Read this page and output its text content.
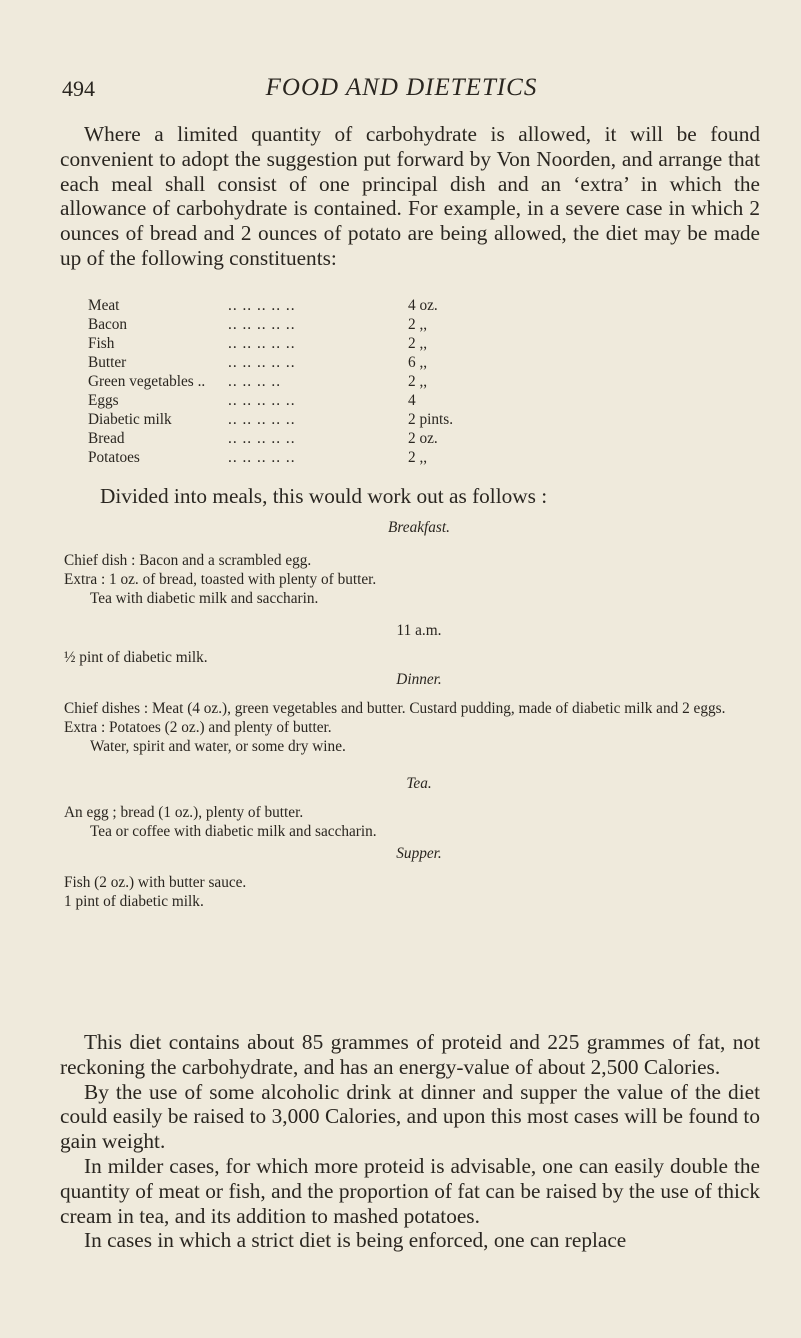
494	FOOD AND DIETETICS

Where a limited quantity of carbohydrate is allowed, it will be found convenient to adopt the suggestion put forward by Von Noorden, and arrange that each meal shall consist of one principal dish and an ‘extra’ in which the allowance of carbohydrate is contained. For example, in a severe case in which 2 ounces of bread and 2 ounces of potato are being allowed, the diet may be made up of the following constituents:

Meat	.. .. .. .. ..	4 oz.
Bacon	.. .. .. .. ..	2 ,,
Fish	.. .. .. .. ..	2 ,,
Butter	.. .. .. .. ..	6 ,,
Green vegetables ..	.. .. .. ..	2 ,,
Eggs	.. .. .. .. ..	4
Diabetic milk	.. .. .. .. ..	2 pints.
Bread	.. .. .. .. ..	2 oz.
Potatoes	.. .. .. .. ..	2 ,,
Divided into meals, this would work out as follows :

Breakfast.

Chief dish : Bacon and a scrambled egg.

Extra : 1 oz. of bread, toasted with plenty of butter.

Tea with diabetic milk and saccharin.

11 a.m.

½ pint of diabetic milk.

Dinner.

Chief dishes : Meat (4 oz.), green vegetables and butter. Custard pudding, made of diabetic milk and 2 eggs.

Extra : Potatoes (2 oz.) and plenty of butter.

Water, spirit and water, or some dry wine.

Tea.

An egg ; bread (1 oz.), plenty of butter.

Tea or coffee with diabetic milk and saccharin.

Supper.

Fish (2 oz.) with butter sauce.

1 pint of diabetic milk.

This diet contains about 85 grammes of proteid and 225 grammes of fat, not reckoning the carbohydrate, and has an energy-value of about 2,500 Calories.

By the use of some alcoholic drink at dinner and supper the value of the diet could easily be raised to 3,000 Calories, and upon this most cases will be found to gain weight.

In milder cases, for which more proteid is advisable, one can easily double the quantity of meat or fish, and the proportion of fat can be raised by the use of thick cream in tea, and its addition to mashed potatoes.

In cases in which a strict diet is being enforced, one can replace
